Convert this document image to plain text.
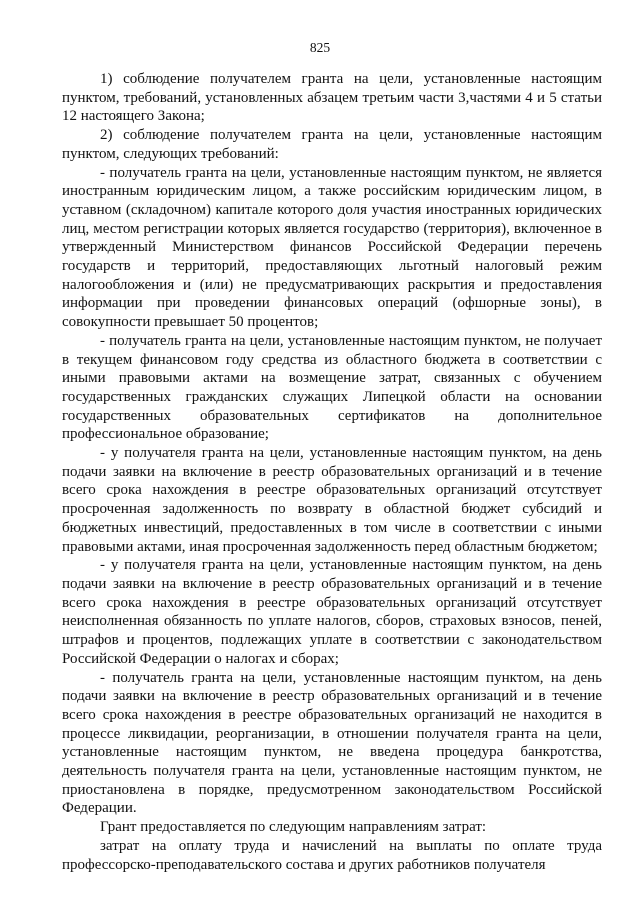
825

1) соблюдение получателем гранта на цели, установленные настоящим пунктом, требований, установленных абзацем третьим части 3,частями 4 и 5 статьи 12 настоящего Закона;

2) соблюдение получателем гранта на цели, установленные настоящим пунктом, следующих требований:

- получатель гранта на цели, установленные настоящим пунктом, не является иностранным юридическим лицом, а также российским юридическим лицом, в уставном (складочном) капитале которого доля участия иностранных юридических лиц, местом регистрации которых является государство (территория), включенное в утвержденный Министерством финансов Российской Федерации перечень государств и территорий, предоставляющих льготный налоговый режим налогообложения и (или) не предусматривающих раскрытия и предоставления информации при проведении финансовых операций (офшорные зоны), в совокупности превышает 50 процентов;

- получатель гранта на цели, установленные настоящим пунктом, не получает в текущем финансовом году средства из областного бюджета в соответствии с иными правовыми актами на возмещение затрат, связанных с обучением государственных гражданских служащих Липецкой области на основании государственных образовательных сертификатов на дополнительное профессиональное образование;

- у получателя гранта на цели, установленные настоящим пунктом, на день подачи заявки на включение в реестр образовательных организаций и в течение всего срока нахождения в реестре образовательных организаций отсутствует просроченная задолженность по возврату в областной бюджет субсидий и бюджетных инвестиций, предоставленных в том числе в соответствии с иными правовыми актами, иная просроченная задолженность перед областным бюджетом;

- у получателя гранта на цели, установленные настоящим пунктом, на день подачи заявки на включение в реестр образовательных организаций и в течение всего срока нахождения в реестре образовательных организаций отсутствует неисполненная обязанность по уплате налогов, сборов, страховых взносов, пеней, штрафов и процентов, подлежащих уплате в соответствии с законодательством Российской Федерации о налогах и сборах;

- получатель гранта на цели, установленные настоящим пунктом, на день подачи заявки на включение в реестр образовательных организаций и в течение всего срока нахождения в реестре образовательных организаций не находится в процессе ликвидации, реорганизации, в отношении получателя гранта на цели, установленные настоящим пунктом, не введена процедура банкротства, деятельность получателя гранта на цели, установленные настоящим пунктом, не приостановлена в порядке, предусмотренном законодательством Российской Федерации.

Грант предоставляется по следующим направлениям затрат:

затрат на оплату труда и начислений на выплаты по оплате труда профессорско-преподавательского состава и других работников получателя
